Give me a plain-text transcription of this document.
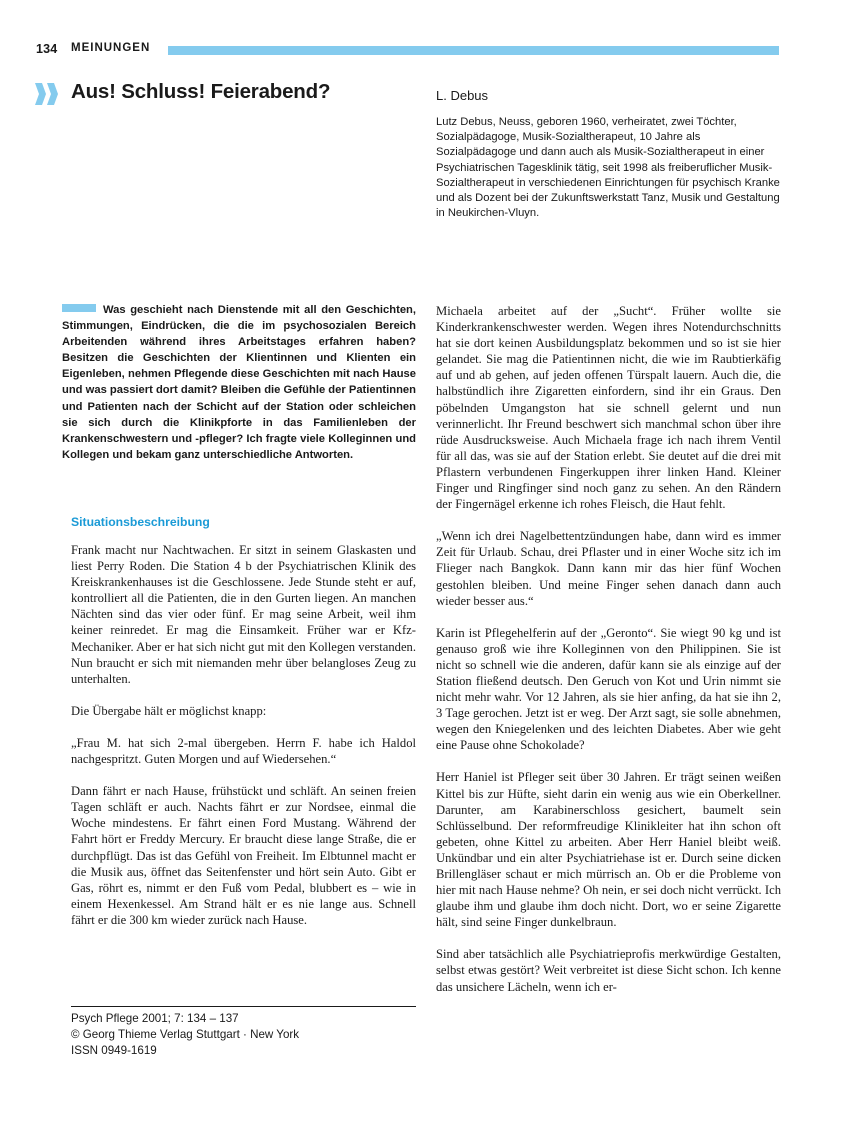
134 MEINUNGEN
Aus! Schluss! Feierabend?	L. Debus

Lutz Debus, Neuss, geboren 1960, verheiratet, zwei Töchter, Sozialpädagoge, Musik-Sozialtherapeut, 10 Jahre als Sozialpädagoge und dann auch als Musik-Sozialtherapeut in einer Psychiatrischen Tagesklinik tätig, seit 1998 als freiberuflicher Musik-Sozialtherapeut in verschiedenen Einrichtungen für psychisch Kranke und als Dozent bei der Zukunftswerkstatt Tanz, Musik und Gestaltung in Neukirchen-Vluyn.

Was geschieht nach Dienstende mit all den Geschichten, Stimmungen, Eindrücken, die die im psychosozialen Bereich Arbeitenden während ihres Arbeitstages erfahren haben? Besitzen die Geschichten der Klientinnen und Klienten ein Eigenleben, nehmen Pflegende diese Geschichten mit nach Hause und was passiert dort damit? Bleiben die Gefühle der Patientinnen und Patienten nach der Schicht auf der Station oder schleichen sie sich durch die Klinikpforte in das Familienleben der Krankenschwestern und -pfleger? Ich fragte viele Kolleginnen und Kollegen und bekam ganz unterschiedliche Antworten.

Situationsbeschreibung

Frank macht nur Nachtwachen. Er sitzt in seinem Glaskasten und liest Perry Roden. Die Station 4 b der Psychiatrischen Klinik des Kreiskrankenhauses ist die Geschlossene. Jede Stunde steht er auf, kontrolliert all die Patienten, die in den Gurten liegen. An manchen Nächten sind das vier oder fünf. Er mag seine Arbeit, weil ihm keiner reinredet. Er mag die Einsamkeit. Früher war er Kfz-Mechaniker. Aber er hat sich nicht gut mit den Kollegen verstanden. Nun braucht er sich mit niemanden mehr über belangloses Zeug zu unterhalten.

Die Übergabe hält er möglichst knapp:

„Frau M. hat sich 2-mal übergeben. Herrn F. habe ich Haldol nachgespritzt. Guten Morgen und auf Wiedersehen.“

Dann fährt er nach Hause, frühstückt und schläft. An seinen freien Tagen schläft er auch. Nachts fährt er zur Nordsee, einmal die Woche mindestens. Er fährt einen Ford Mustang. Während der Fahrt hört er Freddy Mercury. Er braucht diese lange Straße, die er durchpflügt. Das ist das Gefühl von Freiheit. Im Elbtunnel macht er die Musik aus, öffnet das Seitenfenster und hört sein Auto. Gibt er Gas, röhrt es, nimmt er den Fuß vom Pedal, blubbert es – wie in einem Hexenkessel. Am Strand hält er es nie lange aus. Schnell fährt er die 300 km wieder zurück nach Hause.

Michaela arbeitet auf der „Sucht“. Früher wollte sie Kinderkrankenschwester werden. Wegen ihres Notendurchschnitts hat sie dort keinen Ausbildungsplatz bekommen und so ist sie hier gelandet. Sie mag die Patientinnen nicht, die wie im Raubtierkäfig auf und ab gehen, auf jeden offenen Türspalt lauern. Auch die, die halbstündlich ihre Zigaretten einfordern, sind ihr ein Graus. Den pöbelnden Umgangston hat sie schnell gelernt und nun verinnerlicht. Ihr Freund beschwert sich manchmal schon über ihre rüde Ausdrucksweise. Auch Michaela frage ich nach ihrem Ventil für all das, was sie auf der Station erlebt. Sie deutet auf die drei mit Pflastern verbundenen Fingerkuppen ihrer linken Hand. Kleiner Finger und Ringfinger sind noch ganz zu sehen. An den Rändern der Fingernägel erkenne ich rohes Fleisch, die Haut fehlt.

„Wenn ich drei Nagelbettentzündungen habe, dann wird es immer Zeit für Urlaub. Schau, drei Pflaster und in einer Woche sitz ich im Flieger nach Bangkok. Dann kann mir das hier fünf Wochen gestohlen bleiben. Und meine Finger sehen danach dann auch wieder besser aus.“

Karin ist Pflegehelferin auf der „Geronto“. Sie wiegt 90 kg und ist genauso groß wie ihre Kolleginnen von den Philippinen. Sie ist nicht so schnell wie die anderen, dafür kann sie als einzige auf der Station fließend deutsch. Den Geruch von Kot und Urin nimmt sie nicht mehr wahr. Vor 12 Jahren, als sie hier anfing, da hat sie ihn 2, 3 Tage gerochen. Jetzt ist er weg. Der Arzt sagt, sie solle abnehmen, wegen den Kniegelenken und des leichten Diabetes. Aber wie geht eine Pause ohne Schokolade?

Herr Haniel ist Pfleger seit über 30 Jahren. Er trägt seinen weißen Kittel bis zur Hüfte, sieht darin ein wenig aus wie ein Oberkellner. Darunter, am Karabinerschloss gesichert, baumelt sein Schlüsselbund. Der reformfreudige Klinikleiter hat ihn schon oft gebeten, ohne Kittel zu arbeiten. Aber Herr Haniel bleibt weiß. Unkündbar und ein alter Psychiatriehase ist er. Durch seine dicken Brillengläser schaut er mich mürrisch an. Ob er die Probleme von hier mit nach Hause nehme? Oh nein, er sei doch nicht verrückt. Ich glaube ihm und glaube ihm doch nicht. Dort, wo er seine Zigarette hält, sind seine Finger dunkelbraun.

Sind aber tatsächlich alle Psychiatrieprofis merkwürdige Gestalten, selbst etwas gestört? Weit verbreitet ist diese Sicht schon. Ich kenne das unsichere Lächeln, wenn ich er-

Psych Pflege 2001; 7: 134 – 137
© Georg Thieme Verlag Stuttgart · New York
ISSN 0949-1619
